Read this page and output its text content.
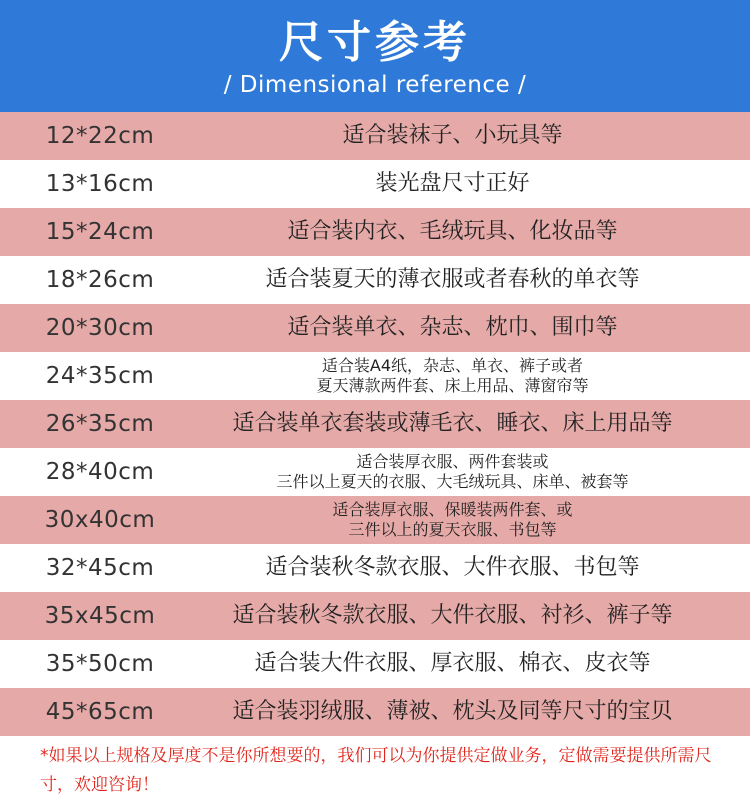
尺寸参考
/ Dimensional reference /
12*22cm	适合装袜子、小玩具等
13*16cm	装光盘尺寸正好
15*24cm	适合装内衣、毛绒玩具、化妆品等
18*26cm	适合装夏天的薄衣服或者春秋的单衣等
20*30cm	适合装单衣、杂志、枕巾、围巾等
24*35cm	适合装A4纸，杂志、单衣、裤子或者
夏天薄款两件套、床上用品、薄窗帘等
26*35cm	适合装单衣套装或薄毛衣、睡衣、床上用品等
28*40cm	适合装厚衣服、两件套装或
三件以上夏天的衣服、大毛绒玩具、床单、被套等
30x40cm	适合装厚衣服、保暖装两件套、或
三件以上的夏天衣服、书包等
32*45cm	适合装秋冬款衣服、大件衣服、书包等
35x45cm	适合装秋冬款衣服、大件衣服、衬衫、裤子等
35*50cm	适合装大件衣服、厚衣服、棉衣、皮衣等
45*65cm	适合装羽绒服、薄被、枕头及同等尺寸的宝贝
*如果以上规格及厚度不是你所想要的，我们可以为你提供定做业务，定做需要提供所需尺寸，欢迎咨询！
